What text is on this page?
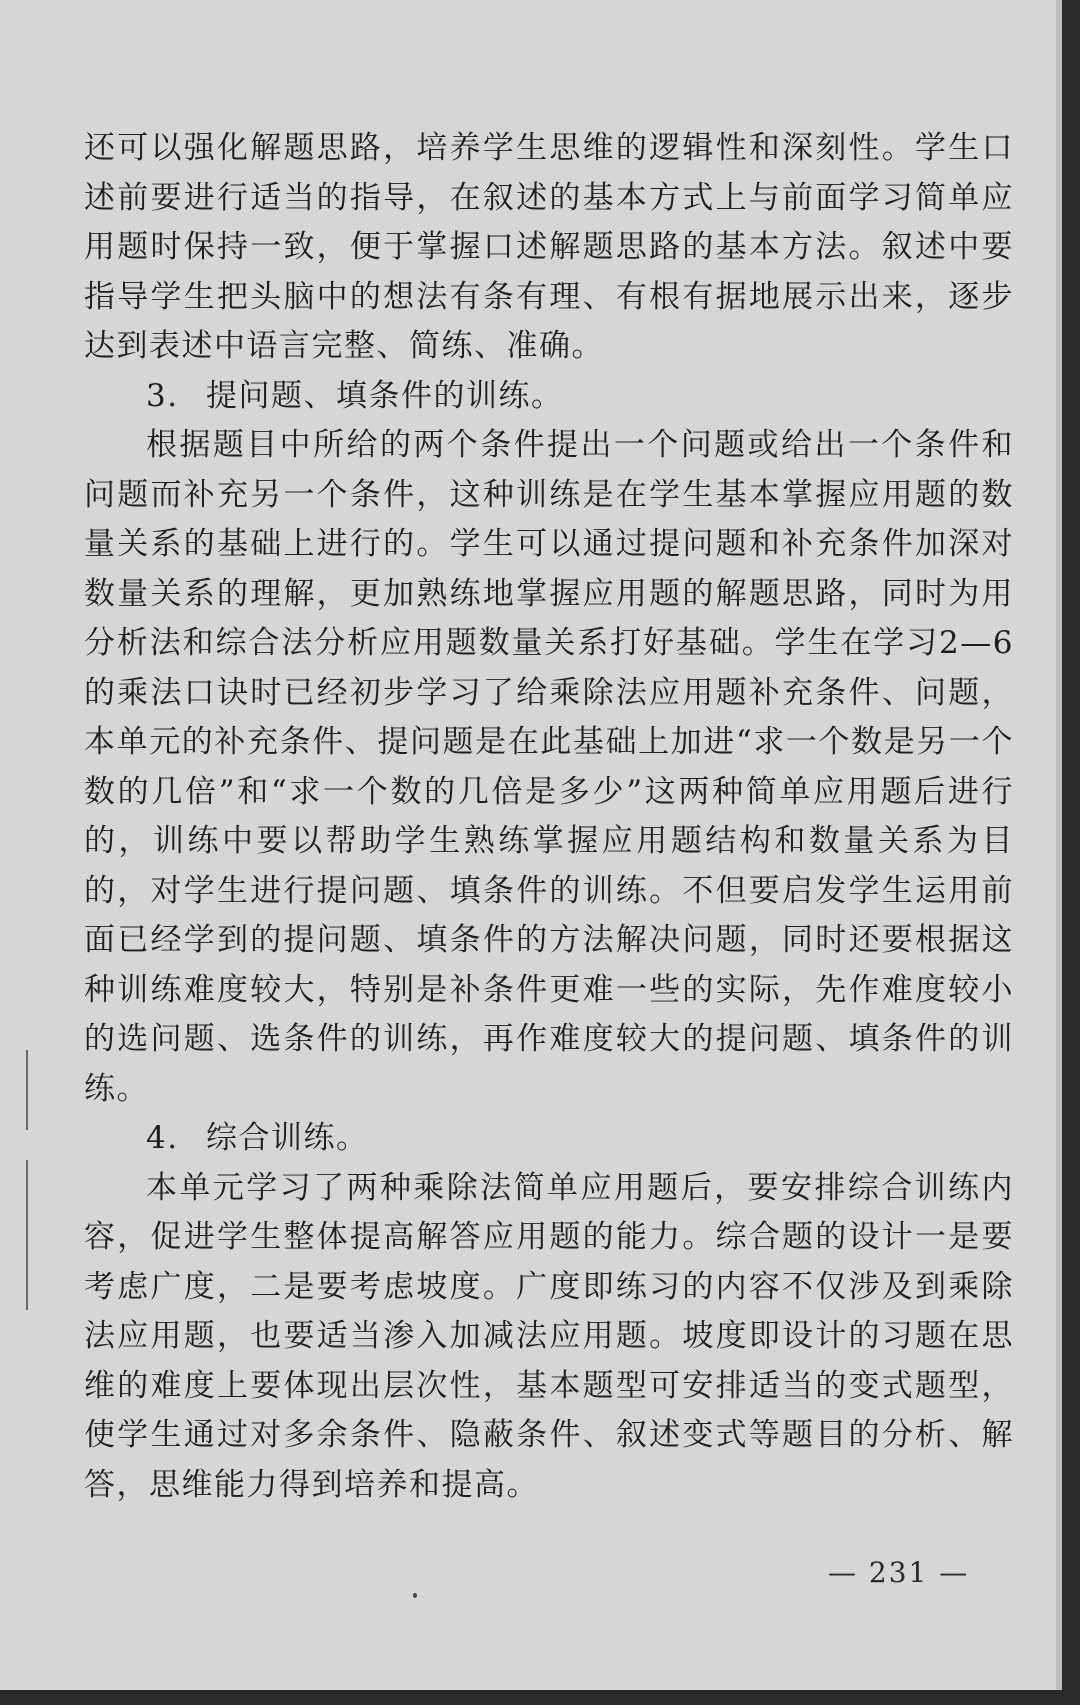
还可以强化解题思路，培养学生思维的逻辑性和深刻性。学生口述前要进行适当的指导，在叙述的基本方式上与前面学习简单应用题时保持一致，便于掌握口述解题思路的基本方法。叙述中要指导学生把头脑中的想法有条有理、有根有据地展示出来，逐步达到表述中语言完整、简练、准确。

3. 提问题、填条件的训练。

根据题目中所给的两个条件提出一个问题或给出一个条件和问题而补充另一个条件，这种训练是在学生基本掌握应用题的数量关系的基础上进行的。学生可以通过提问题和补充条件加深对数量关系的理解，更加熟练地掌握应用题的解题思路，同时为用分析法和综合法分析应用题数量关系打好基础。学生在学习2—6的乘法口诀时已经初步学习了给乘除法应用题补充条件、问题，本单元的补充条件、提问题是在此基础上加进“求一个数是另一个数的几倍”和“求一个数的几倍是多少”这两种简单应用题后进行的，训练中要以帮助学生熟练掌握应用题结构和数量关系为目的，对学生进行提问题、填条件的训练。不但要启发学生运用前面已经学到的提问题、填条件的方法解决问题，同时还要根据这种训练难度较大，特别是补条件更难一些的实际，先作难度较小的选问题、选条件的训练，再作难度较大的提问题、填条件的训练。

4. 综合训练。

本单元学习了两种乘除法简单应用题后，要安排综合训练内容，促进学生整体提高解答应用题的能力。综合题的设计一是要考虑广度，二是要考虑坡度。广度即练习的内容不仅涉及到乘除法应用题，也要适当渗入加减法应用题。坡度即设计的习题在思维的难度上要体现出层次性，基本题型可安排适当的变式题型，使学生通过对多余条件、隐蔽条件、叙述变式等题目的分析、解答，思维能力得到培养和提高。

— 231 —
